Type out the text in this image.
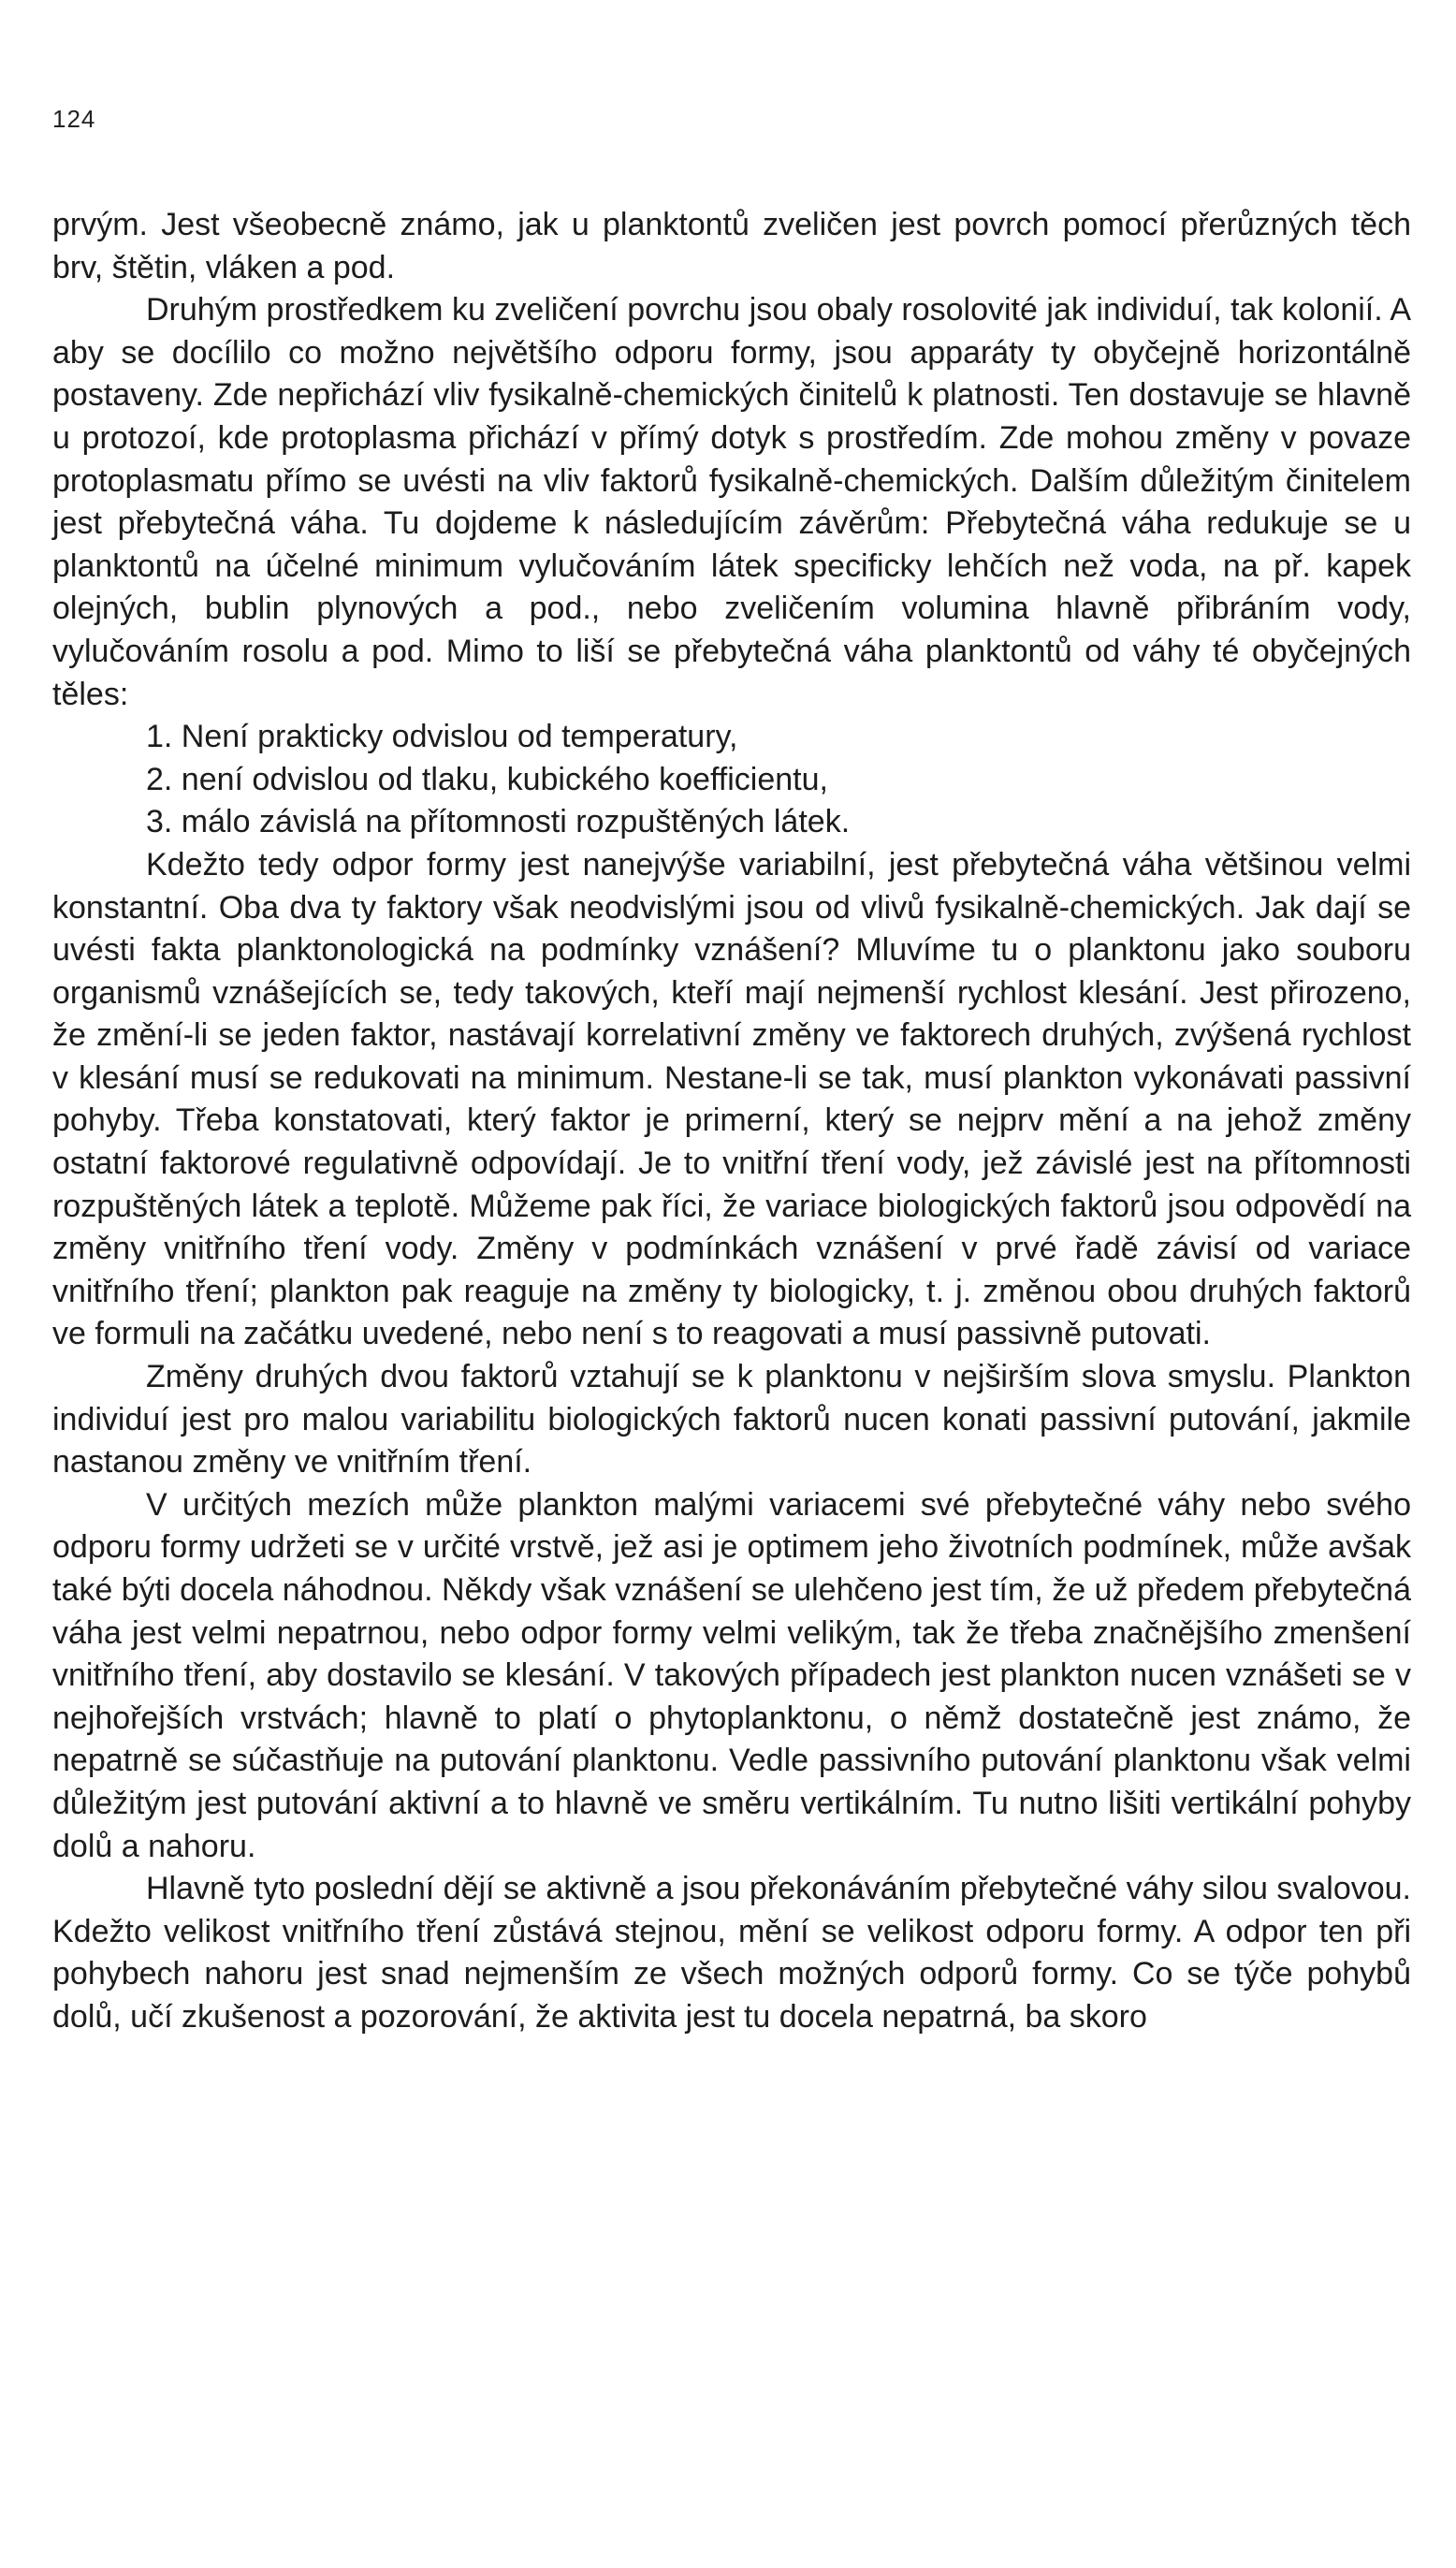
124

prvým. Jest všeobecně známo, jak u planktontů zveličen jest povrch pomocí přerůzných těch brv, štětin, vláken a pod.

Druhým prostředkem ku zveličení povrchu jsou obaly rosolovité jak individuí, tak kolonií. A aby se docílilo co možno největšího odporu formy, jsou apparáty ty obyčejně horizontálně postaveny. Zde nepřichází vliv fysikalně-chemických činitelů k platnosti. Ten dostavuje se hlavně u protozoí, kde protoplasma přichází v přímý dotyk s prostředím. Zde mohou změny v povaze protoplasmatu přímo se uvésti na vliv faktorů fysikalně-chemických. Dalším důležitým činitelem jest přebytečná váha. Tu dojdeme k následujícím závěrům: Přebytečná váha redukuje se u planktontů na účelné minimum vylučováním látek specificky lehčích než voda, na př. kapek olejných, bublin plynových a pod., nebo zveličením volumina hlavně přibráním vody, vylučováním rosolu a pod. Mimo to liší se přebytečná váha planktontů od váhy té obyčejných těles:

1. Není prakticky odvislou od temperatury,
2. není odvislou od tlaku, kubického koefficientu,
3. málo závislá na přítomnosti rozpuštěných látek.

Kdežto tedy odpor formy jest nanejvýše variabilní, jest přebytečná váha většinou velmi konstantní. Oba dva ty faktory však neodvislými jsou od vlivů fysikalně-chemických. Jak dají se uvésti fakta planktonologická na podmínky vznášení? Mluvíme tu o planktonu jako souboru organismů vznášejících se, tedy takových, kteří mají nejmenší rychlost klesání. Jest přirozeno, že změní-li se jeden faktor, nastávají korrelativní změny ve faktorech druhých, zvýšená rychlost v klesání musí se redukovati na minimum. Nestane-li se tak, musí plankton vykonávati passivní pohyby. Třeba konstatovati, který faktor je primerní, který se nejprv mění a na jehož změny ostatní faktorové regulativně odpovídají. Je to vnitřní tření vody, jež závislé jest na přítomnosti rozpuštěných látek a teplotě. Můžeme pak říci, že variace biologických faktorů jsou odpovědí na změny vnitřního tření vody. Změny v podmínkách vznášení v prvé řadě závisí od variace vnitřního tření; plankton pak reaguje na změny ty biologicky, t. j. změnou obou druhých faktorů ve formuli na začátku uvedené, nebo není s to reagovati a musí passivně putovati.

Změny druhých dvou faktorů vztahují se k planktonu v nejširším slova smyslu. Plankton individuí jest pro malou variabilitu biologických faktorů nucen konati passivní putování, jakmile nastanou změny ve vnitřním tření.

V určitých mezích může plankton malými variacemi své přebytečné váhy nebo svého odporu formy udržeti se v určité vrstvě, jež asi je optimem jeho životních podmínek, může avšak také býti docela náhodnou. Někdy však vznášení se ulehčeno jest tím, že už předem přebytečná váha jest velmi nepatrnou, nebo odpor formy velmi velikým, tak že třeba značnějšího zmenšení vnitřního tření, aby dostavilo se klesání. V takových případech jest plankton nucen vznášeti se v nejhořejších vrstvách; hlavně to platí o phytoplanktonu, o němž dostatečně jest známo, že nepatrně se súčastňuje na putování planktonu. Vedle passivního putování planktonu však velmi důležitým jest putování aktivní a to hlavně ve směru vertikálním. Tu nutno lišiti vertikální pohyby dolů a nahoru.

Hlavně tyto poslední dějí se aktivně a jsou překonáváním přebytečné váhy silou svalovou. Kdežto velikost vnitřního tření zůstává stejnou, mění se velikost odporu formy. A odpor ten při pohybech nahoru jest snad nejmenším ze všech možných odporů formy. Co se týče pohybů dolů, učí zkušenost a pozorování, že aktivita jest tu docela nepatrná, ba skoro
